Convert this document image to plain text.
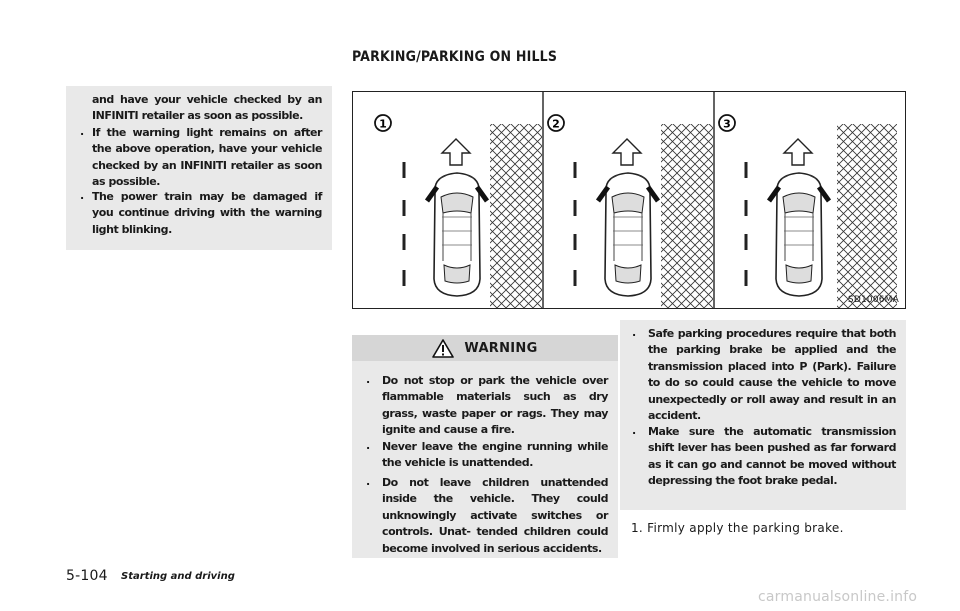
PARKING/PARKING ON HILLS
and have your vehicle checked by an INFINITI retailer as soon as possible.
. If the warning light remains on after the above operation, have your vehicle checked by an INFINITI retailer as soon as possible.
. The power train may be damaged if you continue driving with the warning light blinking.
1	2	3
SD1006MA
WARNING
. Do not stop or park the vehicle over flammable materials such as dry grass, waste paper or rags. They may ignite and cause a fire.
. Never leave the engine running while the vehicle is unattended.
. Do not leave children unattended inside the vehicle. They could unknowingly activate switches or controls. Unat- tended children could become involved in serious accidents.
. Safe parking procedures require that both the parking brake be applied and the transmission placed into P (Park). Failure to do so could cause the vehicle to move unexpectedly or roll away and result in an accident.
. Make sure the automatic transmission shift lever has been pushed as far forward as it can go and cannot be moved without depressing the foot brake pedal.
1. Firmly apply the parking brake.
5-104 Starting and driving
carmanualsonline.info
